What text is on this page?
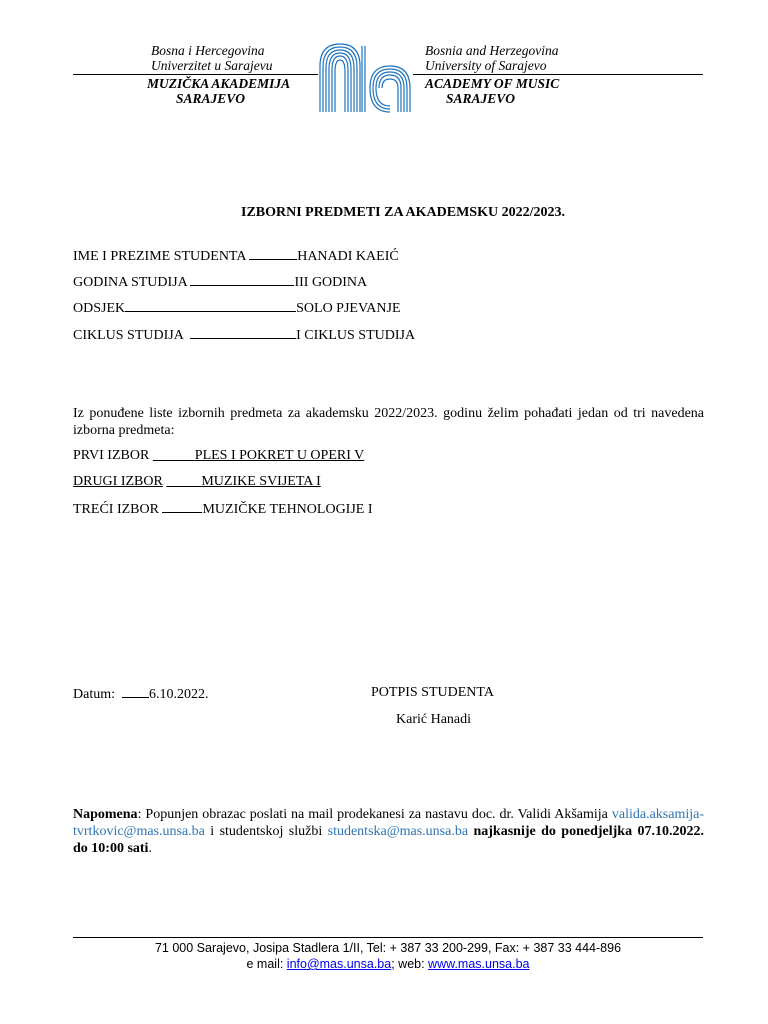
Bosna i Hercegovina
Univerzitet u Sarajevu
MUZIČKA AKADEMIJA
SARAJEVO
Bosnia and Herzegovina
University of Sarajevo
ACADEMY OF MUSIC
SARAJEVO
IZBORNI PREDMETI ZA AKADEMSKU 2022/2023.
IME I PREZIME STUDENTA	HANADI KAEIĆ
GODINA STUDIJA	III GODINA
ODSJEK	SOLO PJEVANJE
CIKLUS STUDIJA	I CIKLUS STUDIJA
Iz ponuđene liste izbornih predmeta za akademsku 2022/2023. godinu želim pohađati jedan od tri navedena izborna predmeta:
PRVI IZBOR	PLES I POKRET U OPERI V
DRUGI IZBOR	MUZIKE SVIJETA I
TREĆI IZBOR	MUZIČKE TEHNOLOGIJE I
Datum: 6.10.2022.	POTPIS STUDENTA
Karić Hanadi
Napomena: Popunjen obrazac poslati na mail prodekanesi za nastavu doc. dr. Validi Akšamija valida.aksamija-tvrtkovic@mas.unsa.ba i studentskoj službi studentska@mas.unsa.ba najkasnije do ponedjeljka 07.10.2022. do 10:00 sati.
71 000 Sarajevo, Josipa Stadlera 1/II, Tel: + 387 33 200-299, Fax: + 387 33 444-896
e mail: info@mas.unsa.ba; web: www.mas.unsa.ba
